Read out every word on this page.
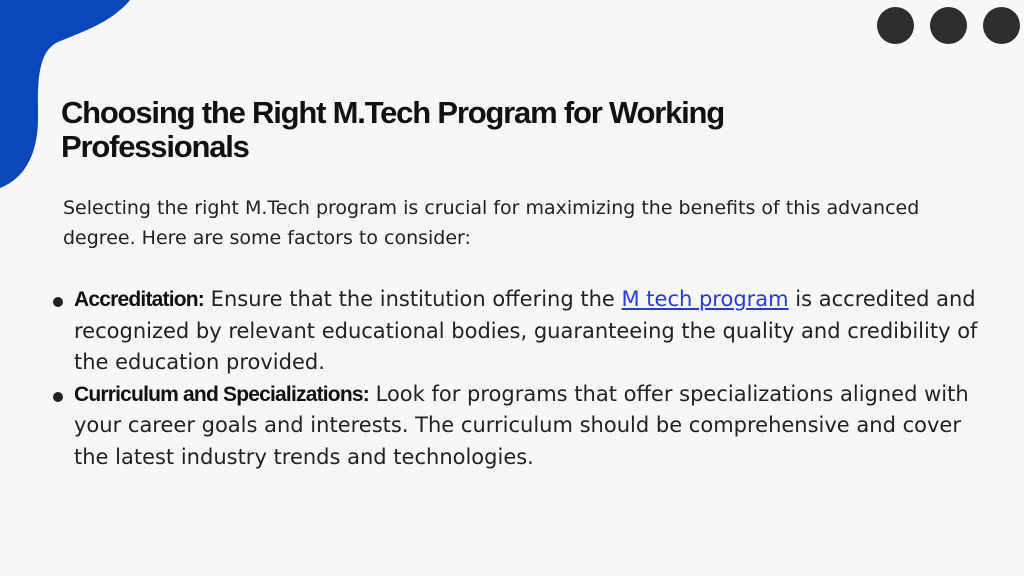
Choosing the Right M.Tech Program for Working Professionals

Selecting the right M.Tech program is crucial for maximizing the benefits of this advanced degree. Here are some factors to consider:

Accreditation: Ensure that the institution offering the M tech program is accredited and recognized by relevant educational bodies, guaranteeing the quality and credibility of the education provided.
Curriculum and Specializations: Look for programs that offer specializations aligned with your career goals and interests. The curriculum should be comprehensive and cover the latest industry trends and technologies.
